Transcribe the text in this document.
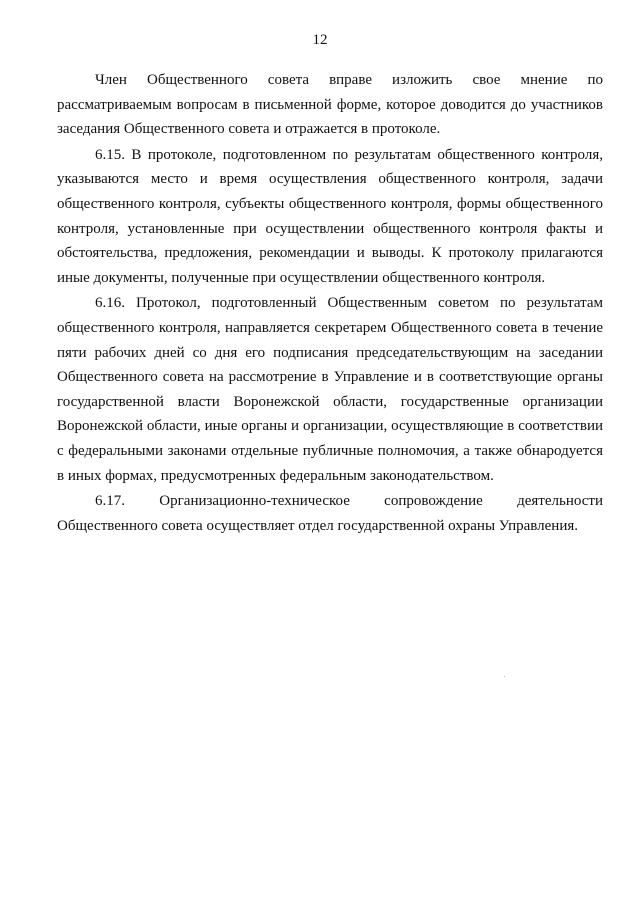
12

Член Общественного совета вправе изложить свое мнение по рассматриваемым вопросам в письменной форме, которое доводится до участников заседания Общественного совета и отражается в протоколе.

6.15. В протоколе, подготовленном по результатам общественного контроля, указываются место и время осуществления общественного контроля, задачи общественного контроля, субъекты общественного контроля, формы общественного контроля, установленные при осуществлении общественного контроля факты и обстоятельства, предложения, рекомендации и выводы. К протоколу прилагаются иные документы, полученные при осуществлении общественного контроля.

6.16. Протокол, подготовленный Общественным советом по результатам общественного контроля, направляется секретарем Общественного совета в течение пяти рабочих дней со дня его подписания председательствующим на заседании Общественного совета на рассмотрение в Управление и в соответствующие органы государственной власти Воронежской области, государственные организации Воронежской области, иные органы и организации, осуществляющие в соответствии с федеральными законами отдельные публичные полномочия, а также обнародуется в иных формах, предусмотренных федеральным законодательством.

6.17. Организационно-техническое сопровождение деятельности Общественного совета осуществляет отдел государственной охраны Управления.
